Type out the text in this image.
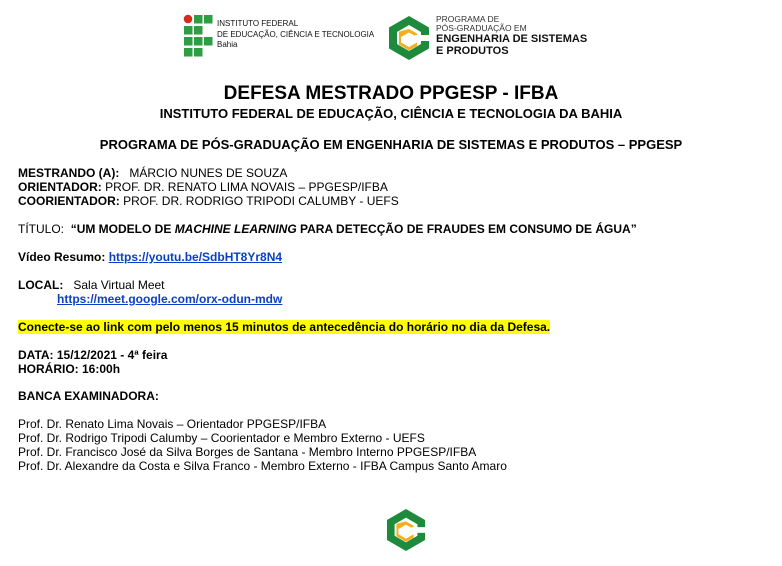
INSTITUTO FEDERAL
DE EDUCAÇÃO, CIÊNCIA E TECNOLOGIA
Bahia
PROGRAMA DE
PÓS-GRADUAÇÃO EM
ENGENHARIA DE SISTEMAS
E PRODUTOS
DEFESA MESTRADO PPGESP - IFBA
INSTITUTO FEDERAL DE EDUCAÇÃO, CIÊNCIA E TECNOLOGIA DA BAHIA
PROGRAMA DE PÓS-GRADUAÇÃO EM ENGENHARIA DE SISTEMAS E PRODUTOS – PPGESP
MESTRANDO (A): MÁRCIO NUNES DE SOUZA
ORIENTADOR: PROF. DR. RENATO LIMA NOVAIS – PPGESP/IFBA
COORIENTADOR: PROF. DR. RODRIGO TRIPODI CALUMBY - UEFS
TÍTULO: “UM MODELO DE MACHINE LEARNING PARA DETECÇÃO DE FRAUDES EM CONSUMO DE ÁGUA”
Vídeo Resumo: https://youtu.be/SdbHT8Yr8N4
LOCAL: Sala Virtual Meet
https://meet.google.com/orx-odun-mdw
Conecte-se ao link com pelo menos 15 minutos de antecedência do horário no dia da Defesa.
DATA: 15/12/2021 - 4ª feira
HORÁRIO: 16:00h
BANCA EXAMINADORA:
Prof. Dr. Renato Lima Novais – Orientador PPGESP/IFBA
Prof. Dr. Rodrigo Tripodi Calumby – Coorientador e Membro Externo - UEFS
Prof. Dr. Francisco José da Silva Borges de Santana - Membro Interno PPGESP/IFBA
Prof. Dr. Alexandre da Costa e Silva Franco - Membro Externo - IFBA Campus Santo Amaro
